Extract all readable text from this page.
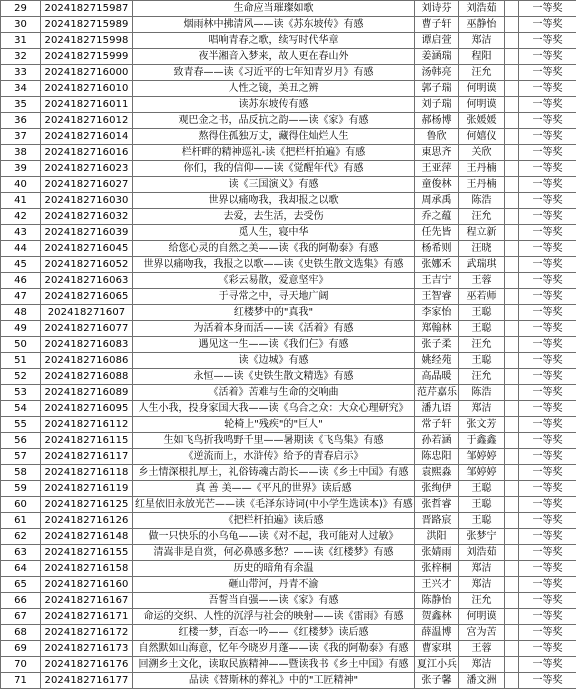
29	2024182715987	生命应当璀璨如歌	刘诗芬	刘浩茹		一等奖
30	2024182715989	烟雨林中拂清风——读《苏东坡传》有感	曹子轩	巫静怡		一等奖
31	2024182715998	唱响青春之歌，续写时代华章	谭启萱	郑洁		一等奖
32	2024182715999	夜半湘音入梦来，故人更在春山外	姜涵瑞	程阳		一等奖
33	2024182716000	致青春——读《习近平的七年知青岁月》有感	汤韩亮	汪允		一等奖
34	2024182716010	人性之镜，美丑之辨	郭子瑞	何明谟		一等奖
35	2024182716011	读苏东坡传有感	刘子瑞	何明谟		一等奖
36	2024182716012	观巴金之书，品反抗之韵——读《家》有感	郝杨博	张媛媛		一等奖
37	2024182716014	熬得住孤独万丈，藏得住灿烂人生	鲁欣	何嬉仪		一等奖
38	2024182716016	栏杆畔的精神巡礼-读《把栏杆拍遍》有感	東思齐	关欣		一等奖
39	2024182716023	你们，我的信仰——读《觉醒年代》有感	王亚萍	王丹楠		一等奖
40	2024182716027	读《三国演义》有感	童俊林	王丹楠		一等奖
41	2024182716030	世界以痛吻我，我却报之以歌	周承禹	陈浩		一等奖
42	2024182716032	去爱，去生活，去受伤	乔之蕴	汪允		一等奖
43	2024182716039	觅人生，寝中华	任先皆	程立新		一等奖
44	2024182716045	给您心灵的自然之美——读《我的阿勒泰》有感	杨希则	汪晓		一等奖
45	2024182716052	世界以痛吻我，我报之以歌——读《史铁生散文选集》有感	张娜禾	武瑞琪		一等奖
46	2024182716063	《彩云易散，爱意坚牢》	王吉宁	王蓉		一等奖
47	2024182716065	于寻常之中，寻天地广阔	王智睿	巫若师		一等奖
48	202418271607	红楼梦中的"真我"	李家怡	王聪		一等奖
49	2024182716077	为活着本身而活——读《活着》有感	郑翰林	王聪		一等奖
50	2024182716083	遇见这一生——读《我们仨》有感	张子柔	汪允		一等奖
51	2024182716086	读《边城》有感	姚经苑	王聪		一等奖
52	2024182716088	永恒——读《史铁生散文精选》有感	高晶暖	汪允		一等奖
53	2024182716089	《活着》苦难与生命的交响曲	范芹嘉乐	陈浩		一等奖
54	2024182716095	人生小我，投身家国大我——读《乌合之众：大众心理研究》	潘九语	郑洁		一等奖
55	2024182716112	轮椅上"残疾"的"巨人"	常子轩	张文芳		一等奖
56	2024182716115	生如飞鸟折我鸣野千里——暑期读《飞鸟集》有感	孙若涵	于鑫鑫		一等奖
57	2024182716117	《逆流而上，水浒传》给予的青春启示》	陈忠阳	邹婷婷		一等奖
58	2024182716118	乡土情深根扎厚土，礼俗铸魂古韵长——读《乡土中国》有感	袁熙淼	邹婷婷		一等奖
59	2024182716119	真 善 美——《平凡的世界》读后感	张绚伊	王聪		一等奖
60	2024182716125	红星依旧永放光芒——读《毛泽东诗词(中小学生选读本)》有感	张哲睿	王聪		一等奖
61	2024182716126	《把栏杆拍遍》读后感	晋路宸	王聪		一等奖
62	2024182716148	做一只快乐的小乌龟——读《对不起，我可能对人过敏》	洪阳	张梦宁		一等奖
63	2024182716155	清嵩非是自赏，何必鼻感多愁？——读《红楼梦》有感	张婧雨	刘浩茹		一等奖
64	2024182716158	历史的暗角有余温	张梓桐	郑洁		一等奖
65	2024182716160	砸山带河，丹青不渝	王兴才	郑洁		一等奖
66	2024182716167	吾誓当自强——读《家》有感	陈静怡	汪允		一等奖
67	2024182716171	命运的交织、人性的沉浮与社会的映射——读《雷雨》有感	贺鑫林	何明谟		一等奖
68	2024182716172	红楼一梦，百态一吟——《红楼梦》读后感	薛温博	宫为苦		一等奖
69	2024182716173	自然默如山海意，忆年今晓岁月蓬——读《我的阿勒泰》有感	曹家琪	王蓉		一等奖
70	2024182716176	回溯乡土文化，读取民族精神——暨读我书《乡土中国》有感	夏江小兵	郑洁		一等奖
71	2024182716177	品读《替斯林的葬礼》中的"工匠精神"	张子馨	潘文洲		一等奖
